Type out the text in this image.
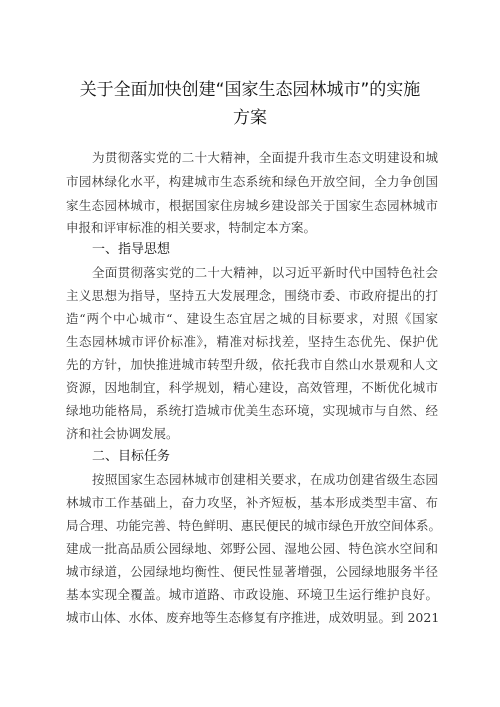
关于全面加快创建“国家生态园林城市”的实施
方案
为贯彻落实党的二十大精神，全面提升我市生态文明建设和城
市园林绿化水平，构建城市生态系统和绿色开放空间，全力争创国
家生态园林城市，根据国家住房城乡建设部关于国家生态园林城市
申报和评审标准的相关要求，特制定本方案。
一、指导思想
全面贯彻落实党的二十大精神，以习近平新时代中国特色社会
主义思想为指导，坚持五大发展理念，围绕市委、市政府提出的打
造“两个中心城市“、建设生态宜居之城的目标要求，对照《国家
生态园林城市评价标准》，精准对标找差，坚持生态优先、保护优
先的方针，加快推进城市转型升级，依托我市自然山水景观和人文
资源，因地制宜，科学规划，精心建设，高效管理，不断优化城市
绿地功能格局，系统打造城市优美生态环境，实现城市与自然、经
济和社会协调发展。
二、目标任务
按照国家生态园林城市创建相关要求，在成功创建省级生态园
林城市工作基础上，奋力攻坚，补齐短板，基本形成类型丰富、布
局合理、功能完善、特色鲜明、惠民便民的城市绿色开放空间体系。
建成一批高品质公园绿地、郊野公园、湿地公园、特色滨水空间和
城市绿道，公园绿地均衡性、便民性显著增强，公园绿地服务半径
基本实现全覆盖。城市道路、市政设施、环境卫生运行维护良好。
城市山体、水体、废弃地等生态修复有序推进，成效明显。到 2021
